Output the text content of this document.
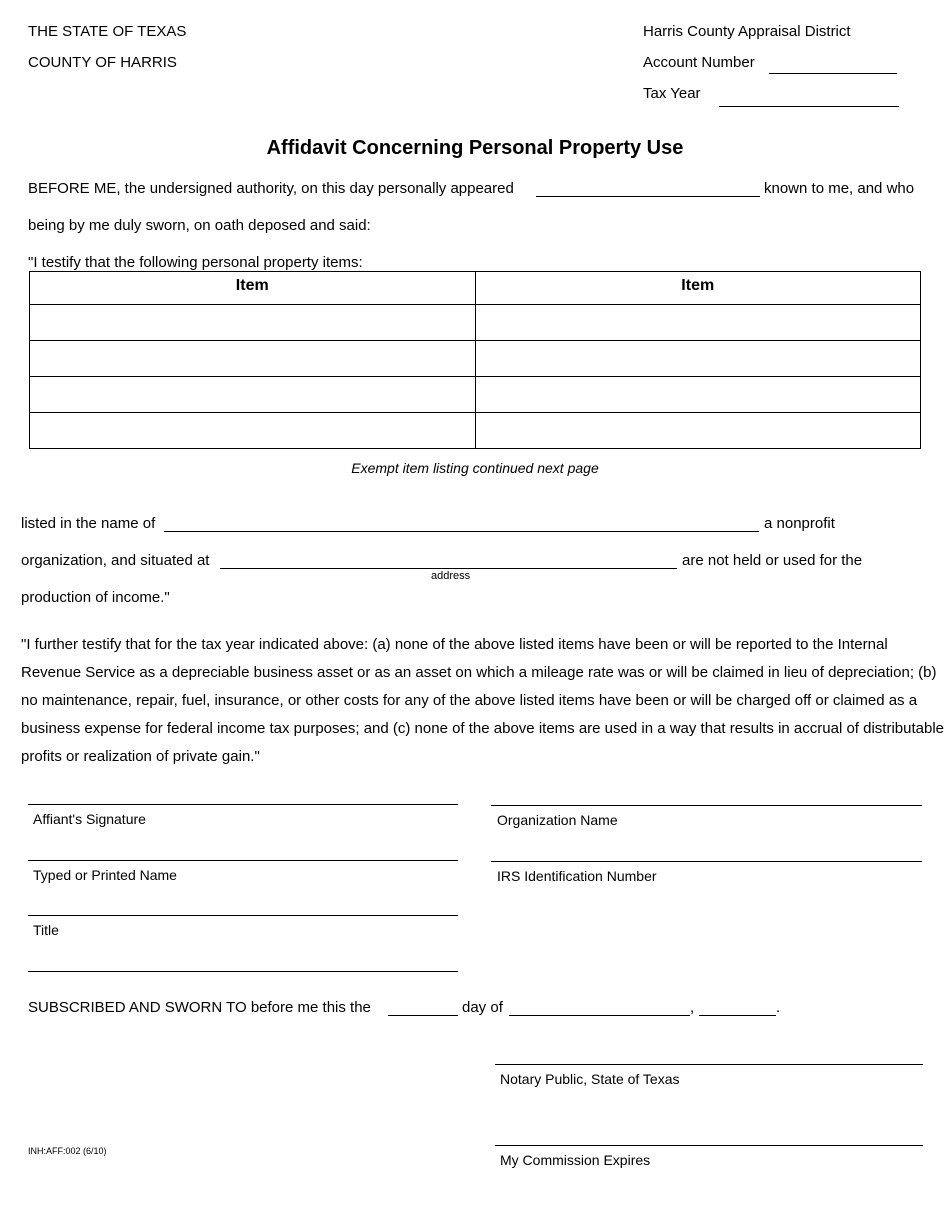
THE STATE OF TEXAS
COUNTY OF HARRIS
Harris County Appraisal District
Account Number
Tax Year
Affidavit Concerning Personal Property Use
BEFORE ME, the undersigned authority, on this day personally appeared	known to me, and who
being by me duly sworn, on oath deposed and said:
"I testify that the following personal property items:
Item	Item

Exempt item listing continued next page
listed in the name of	a nonprofit
organization, and situated at	are not held or used for the
address
production of income."
"I further testify that for the tax year indicated above: (a) none of the above listed items have been or will be reported to the Internal Revenue Service as a depreciable business asset or as an asset on which a mileage rate was or will be claimed in lieu of depreciation; (b) no maintenance, repair, fuel, insurance, or other costs for any of the above listed items have been or will be charged off or claimed as a business expense for federal income tax purposes; and (c) none of the above items are used in a way that results in accrual of distributable profits or realization of private gain."
Affiant's Signature
Typed or Printed Name
Title
Organization Name
IRS Identification Number
SUBSCRIBED AND SWORN TO before me this the	day of	,	.
Notary Public, State of Texas
My Commission Expires
INH:AFF:002 (6/10)
